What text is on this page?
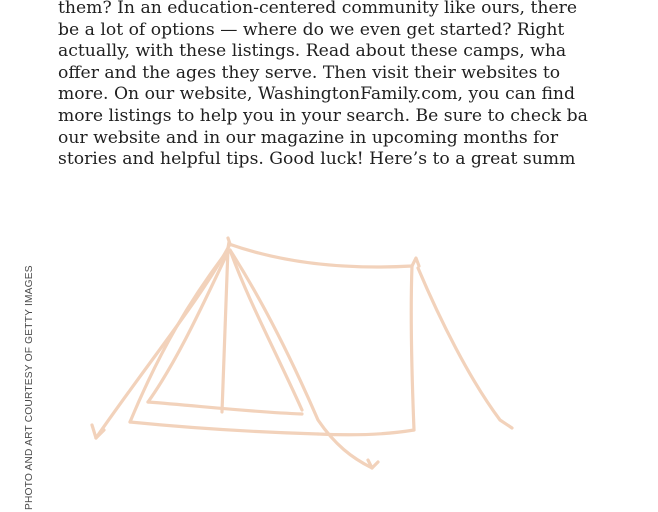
them? In an education-centered community like ours, there
be a lot of options — where do we even get started? Right
actually, with these listings. Read about these camps, wha
offer and the ages they serve. Then visit their websites to
more. On our website, WashingtonFamily.com, you can find
more listings to help you in your search. Be sure to check ba
our website and in our magazine in upcoming months for
stories and helpful tips. Good luck! Here’s to a great summ

PHOTO AND ART COURTESY OF GETTY IMAGES
